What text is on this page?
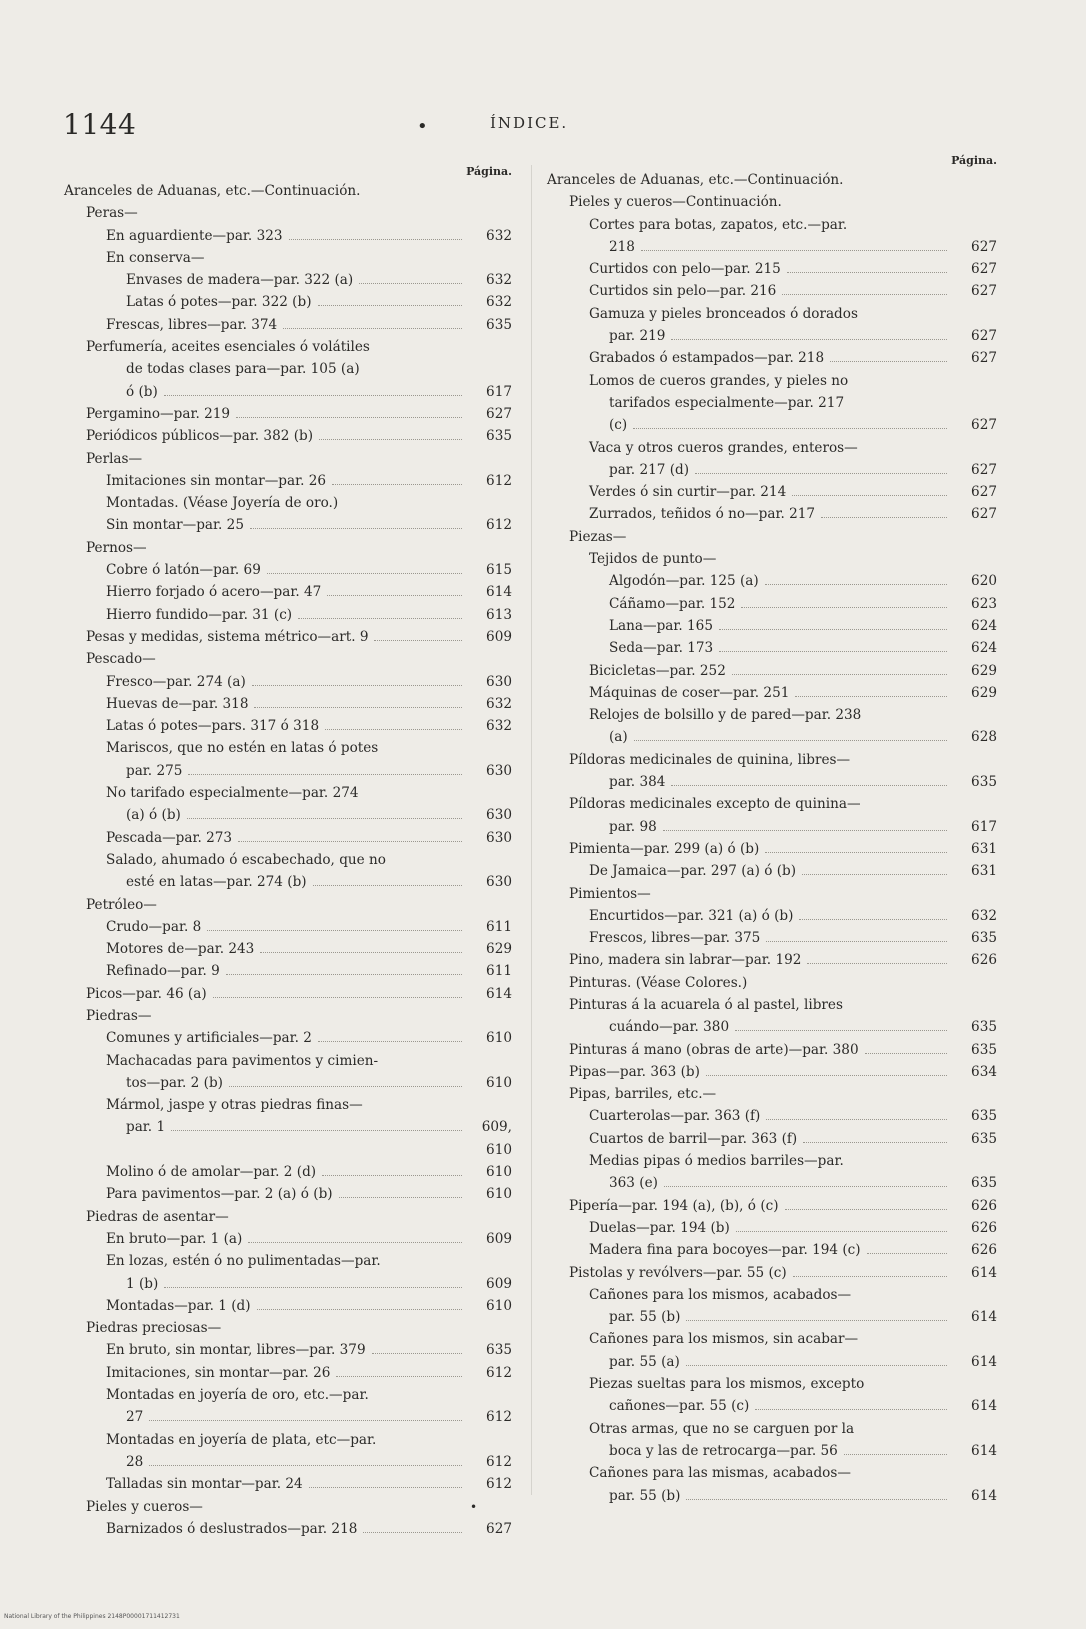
1144	•	ÍNDICE.
Página.
Aranceles de Aduanas, etc.—Continuación.
Peras—
En aguardiente—par. 323	632
En conserva—
Envases de madera—par. 322 (a)	632
Latas ó potes—par. 322 (b)	632
Frescas, libres—par. 374	635
Perfumería, aceites esenciales ó volátiles
de todas clases para—par. 105 (a)
ó (b)	617
Pergamino—par. 219	627
Periódicos públicos—par. 382 (b)	635
Perlas—
Imitaciones sin montar—par. 26	612
Montadas. (Véase Joyería de oro.)
Sin montar—par. 25	612
Pernos—
Cobre ó latón—par. 69	615
Hierro forjado ó acero—par. 47	614
Hierro fundido—par. 31 (c)	613
Pesas y medidas, sistema métrico—art. 9	609
Pescado—
Fresco—par. 274 (a)	630
Huevas de—par. 318	632
Latas ó potes—pars. 317 ó 318	632
Mariscos, que no estén en latas ó potes
par. 275	630
No tarifado especialmente—par. 274
(a) ó (b)	630
Pescada—par. 273	630
Salado, ahumado ó escabechado, que no
esté en latas—par. 274 (b)	630
Petróleo—
Crudo—par. 8	611
Motores de—par. 243	629
Refinado—par. 9	611
Picos—par. 46 (a)	614
Piedras—
Comunes y artificiales—par. 2	610
Machacadas para pavimentos y cimien-
tos—par. 2 (b)	610
Mármol, jaspe y otras piedras finas—
par. 1	609, 610
Molino ó de amolar—par. 2 (d)	610
Para pavimentos—par. 2 (a) ó (b)	610
Piedras de asentar—
En bruto—par. 1 (a)	609
En lozas, estén ó no pulimentadas—par.
1 (b)	609
Montadas—par. 1 (d)	610
Piedras preciosas—
En bruto, sin montar, libres—par. 379	635
Imitaciones, sin montar—par. 26	612
Montadas en joyería de oro, etc.—par.
27	612
Montadas en joyería de plata, etc—par.
28	612
Talladas sin montar—par. 24	612
Pieles y cueros—
Barnizados ó deslustrados—par. 218	627
Página.
Aranceles de Aduanas, etc.—Continuación.
Pieles y cueros—Continuación.
Cortes para botas, zapatos, etc.—par.
218	627
Curtidos con pelo—par. 215	627
Curtidos sin pelo—par. 216	627
Gamuza y pieles bronceados ó dorados
par. 219	627
Grabados ó estampados—par. 218	627
Lomos de cueros grandes, y pieles no
tarifados especialmente—par. 217
(c)	627
Vaca y otros cueros grandes, enteros—
par. 217 (d)	627
Verdes ó sin curtir—par. 214	627
Zurrados, teñidos ó no—par. 217	627
Piezas—
Tejidos de punto—
Algodón—par. 125 (a)	620
Cáñamo—par. 152	623
Lana—par. 165	624
Seda—par. 173	624
Bicicletas—par. 252	629
Máquinas de coser—par. 251	629
Relojes de bolsillo y de pared—par. 238
(a)	628
Píldoras medicinales de quinina, libres—
par. 384	635
Píldoras medicinales excepto de quinina—
par. 98	617
Pimienta—par. 299 (a) ó (b)	631
De Jamaica—par. 297 (a) ó (b)	631
Pimientos—
Encurtidos—par. 321 (a) ó (b)	632
Frescos, libres—par. 375	635
Pino, madera sin labrar—par. 192	626
Pinturas. (Véase Colores.)
Pinturas á la acuarela ó al pastel, libres
cuándo—par. 380	635
Pinturas á mano (obras de arte)—par. 380	635
Pipas—par. 363 (b)	634
Pipas, barriles, etc.—
Cuarterolas—par. 363 (f)	635
Cuartos de barril—par. 363 (f)	635
Medias pipas ó medios barriles—par.
363 (e)	635
Pipería—par. 194 (a), (b), ó (c)	626
Duelas—par. 194 (b)	626
Madera fina para bocoyes—par. 194 (c)	626
Pistolas y revólvers—par. 55 (c)	614
Cañones para los mismos, acabados—
par. 55 (b)	614
Cañones para los mismos, sin acabar—
par. 55 (a)	614
Piezas sueltas para los mismos, excepto
cañones—par. 55 (c)	614
Otras armas, que no se carguen por la
boca y las de retrocarga—par. 56	614
Cañones para las mismas, acabados—
par. 55 (b)	614
•
National Library of the Philippines 2148P00001711412731
